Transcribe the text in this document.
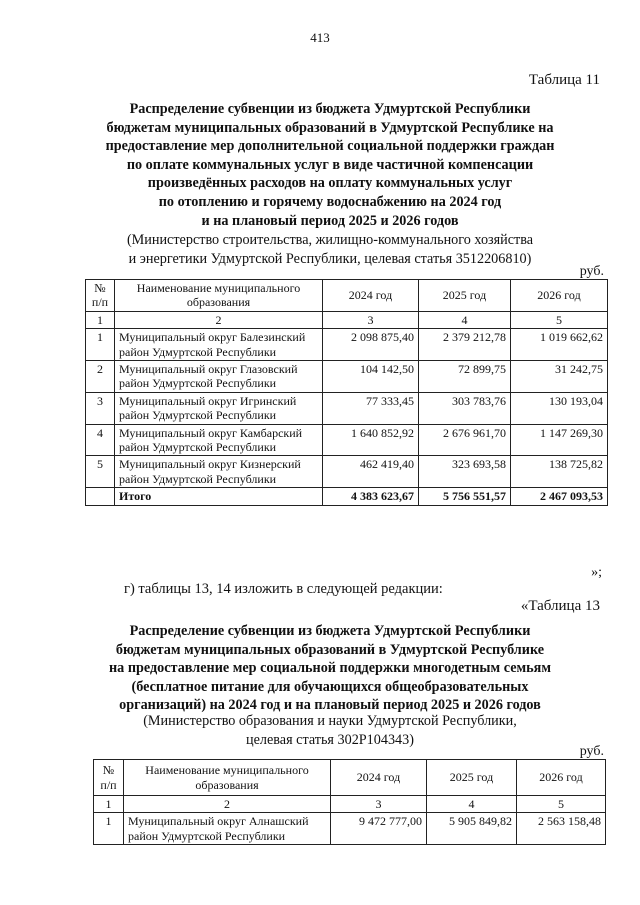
413
Таблица 11
Распределение субвенции из бюджета Удмуртской Республики
бюджетам муниципальных образований в Удмуртской Республике на
предоставление мер дополнительной социальной поддержки граждан
по оплате коммунальных услуг в виде частичной компенсации
произведённых расходов на оплату коммунальных услуг
по отоплению и горячему водоснабжению на 2024 год
и на плановый период 2025 и 2026 годов
(Министерство строительства, жилищно-коммунального хозяйства
и энергетики Удмуртской Республики, целевая статья 3512206810)
руб.
№ п/п	Наименование муниципального образования	2024 год	2025 год	2026 год
1	2	3	4	5
1	Муниципальный округ Балезинский район Удмуртской Республики	2 098 875,40	2 379 212,78	1 019 662,62
2	Муниципальный округ Глазовский район Удмуртской Республики	104 142,50	72 899,75	31 242,75
3	Муниципальный округ Игринский район Удмуртской Республики	77 333,45	303 783,76	130 193,04
4	Муниципальный округ Камбарский район Удмуртской Республики	1 640 852,92	2 676 961,70	1 147 269,30
5	Муниципальный округ Кизнерский район Удмуртской Республики	462 419,40	323 693,58	138 725,82
	Итого	4 383 623,67	5 756 551,57	2 467 093,53
»;
г) таблицы 13, 14 изложить в следующей редакции:
«Таблица 13
Распределение субвенции из бюджета Удмуртской Республики
бюджетам муниципальных образований в Удмуртской Республике
на предоставление мер социальной поддержки многодетным семьям
(бесплатное питание для обучающихся общеобразовательных
организаций) на 2024 год и на плановый период 2025 и 2026 годов
(Министерство образования и науки Удмуртской Республики,
целевая статья 302Р104343)
руб.
№ п/п	Наименование муниципального образования	2024 год	2025 год	2026 год
1	2	3	4	5
1	Муниципальный округ Алнашский район Удмуртской Республики	9 472 777,00	5 905 849,82	2 563 158,48
